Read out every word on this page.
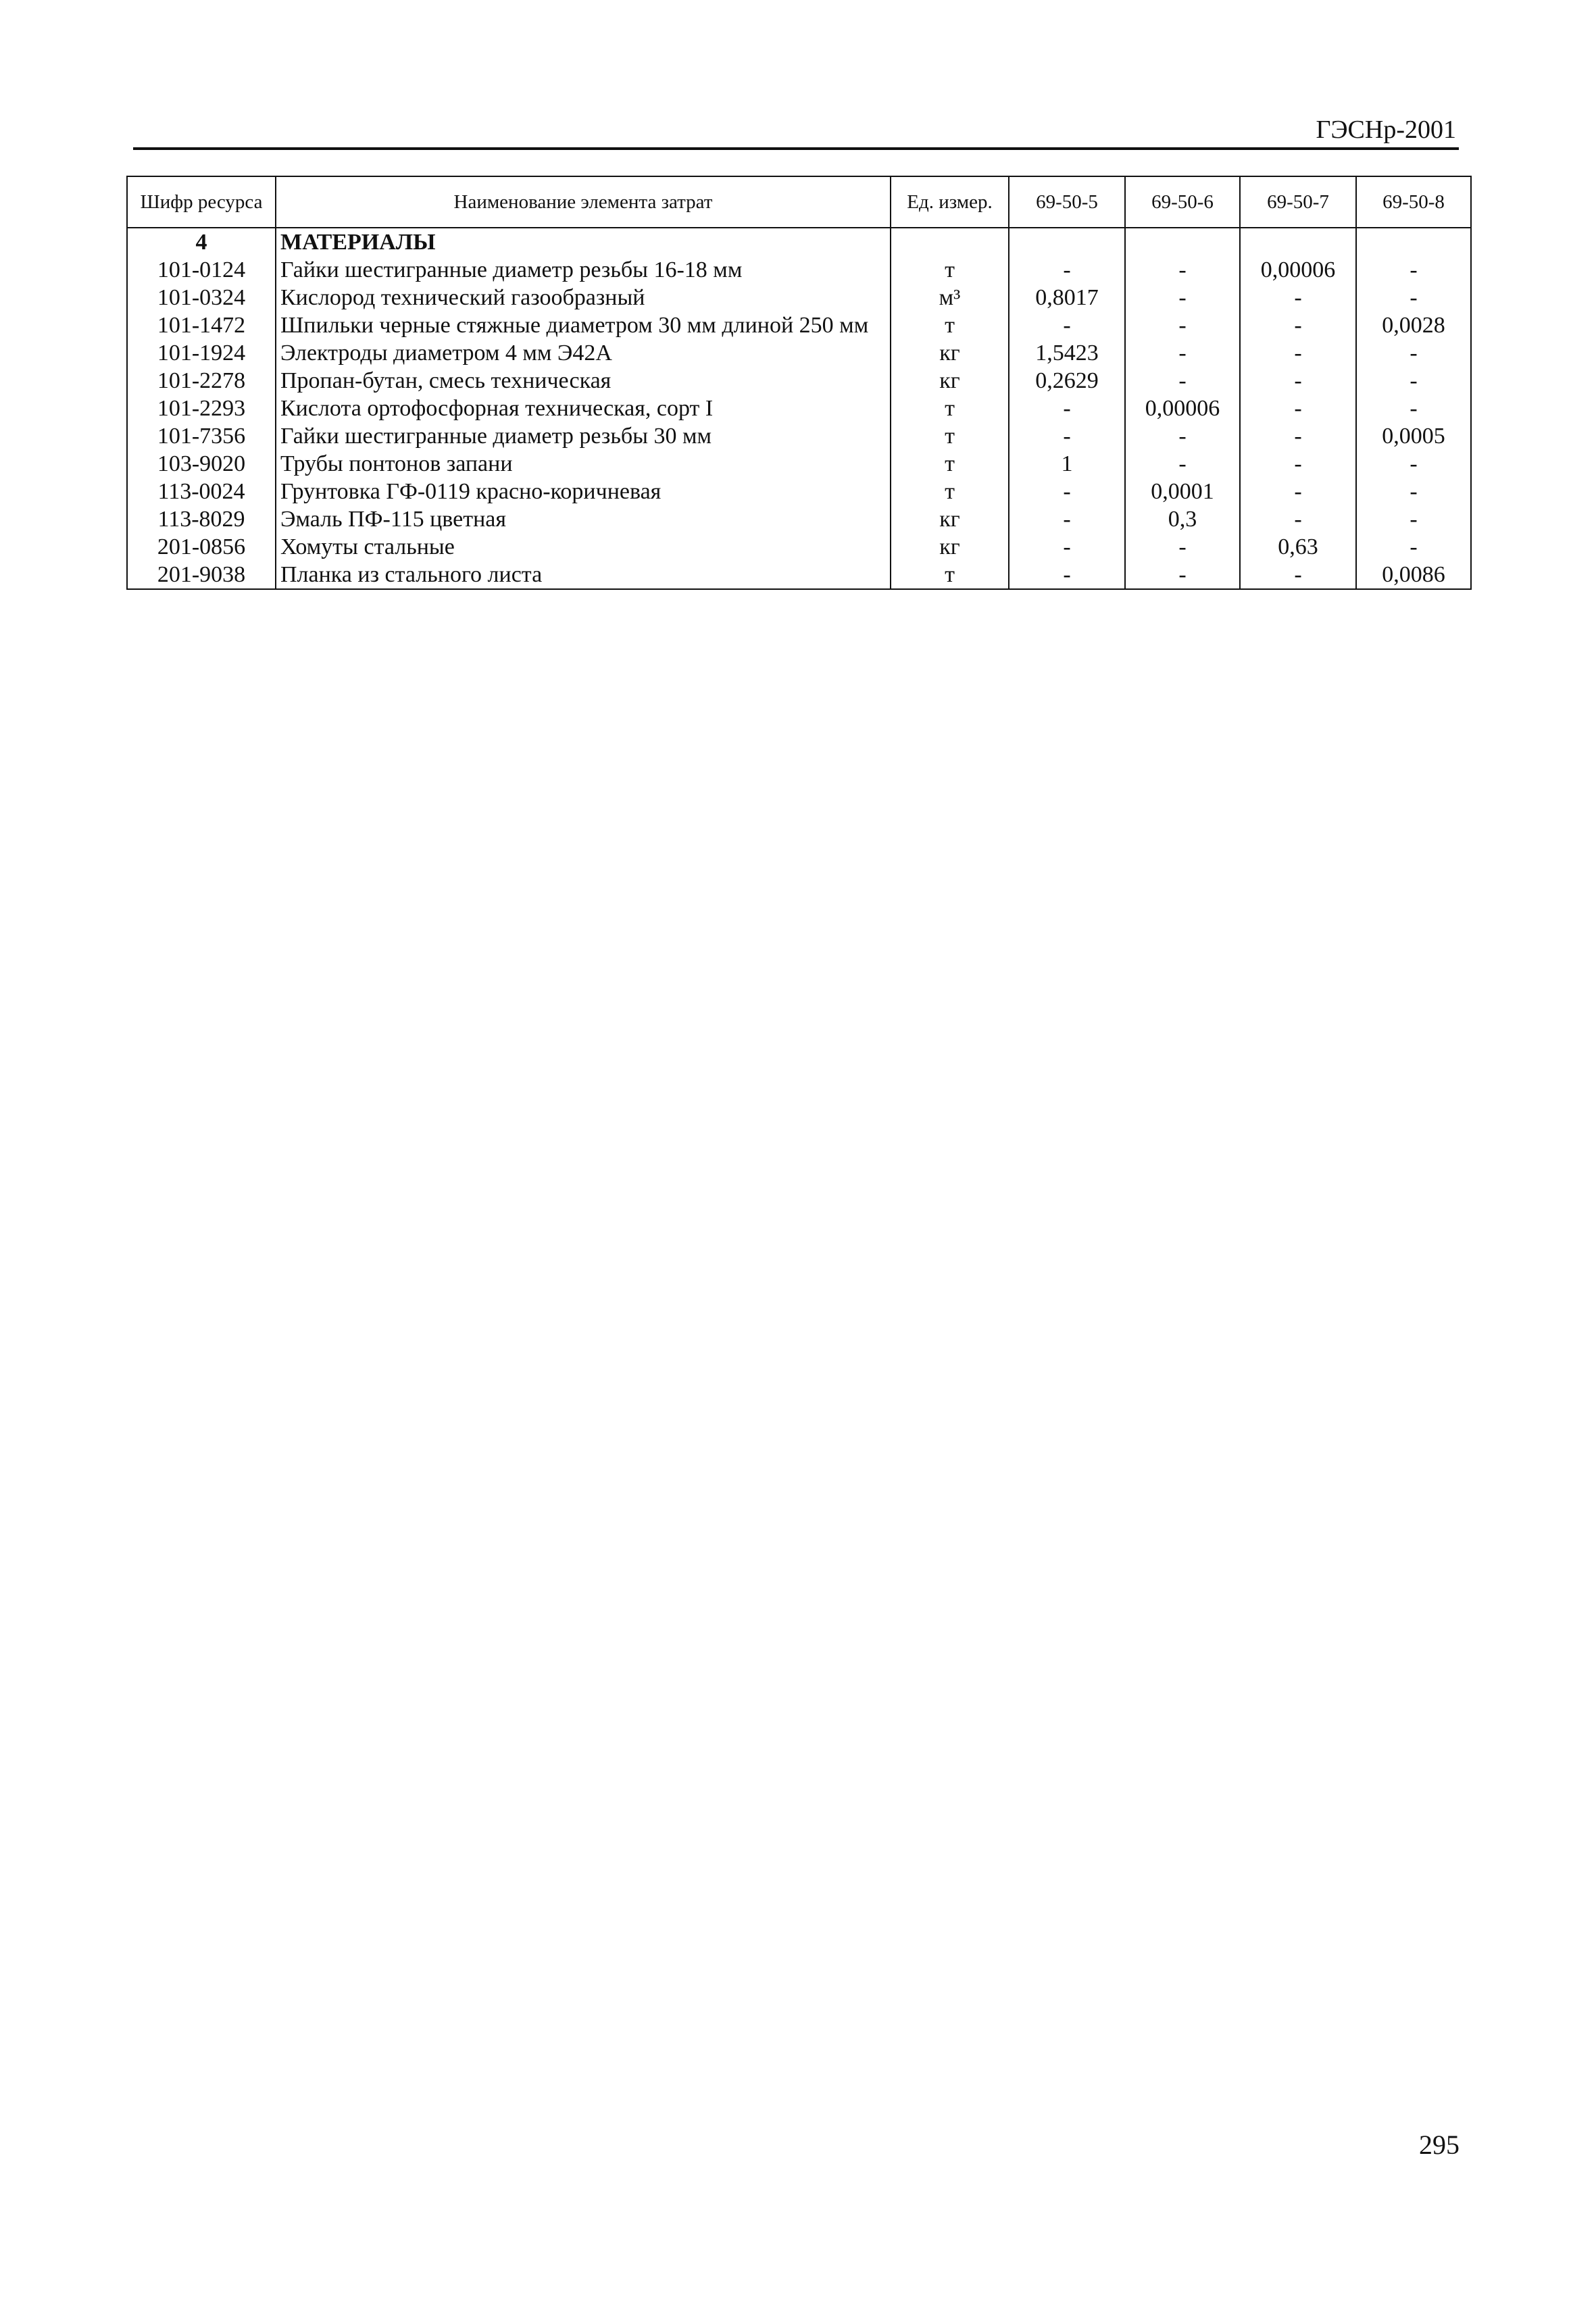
ГЭСНр-2001
Шифр ресурса	Наименование элемента затрат	Ед. измер.	69-50-5	69-50-6	69-50-7	69-50-8
4	МАТЕРИАЛЫ					
101-0124	Гайки шестигранные диаметр резьбы 16-18 мм	т	-	-	0,00006	-
101-0324	Кислород технический газообразный	м³	0,8017	-	-	-
101-1472	Шпильки черные стяжные диаметром 30 мм длиной 250 мм	т	-	-	-	0,0028
101-1924	Электроды диаметром 4 мм Э42А	кг	1,5423	-	-	-
101-2278	Пропан-бутан, смесь техническая	кг	0,2629	-	-	-
101-2293	Кислота ортофосфорная техническая, сорт I	т	-	0,00006	-	-
101-7356	Гайки шестигранные диаметр резьбы 30 мм	т	-	-	-	0,0005
103-9020	Трубы понтонов запани	т	1	-	-	-
113-0024	Грунтовка ГФ-0119 красно-коричневая	т	-	0,0001	-	-
113-8029	Эмаль ПФ-115 цветная	кг	-	0,3	-	-
201-0856	Хомуты стальные	кг	-	-	0,63	-
201-9038	Планка из стального листа	т	-	-	-	0,0086
295
